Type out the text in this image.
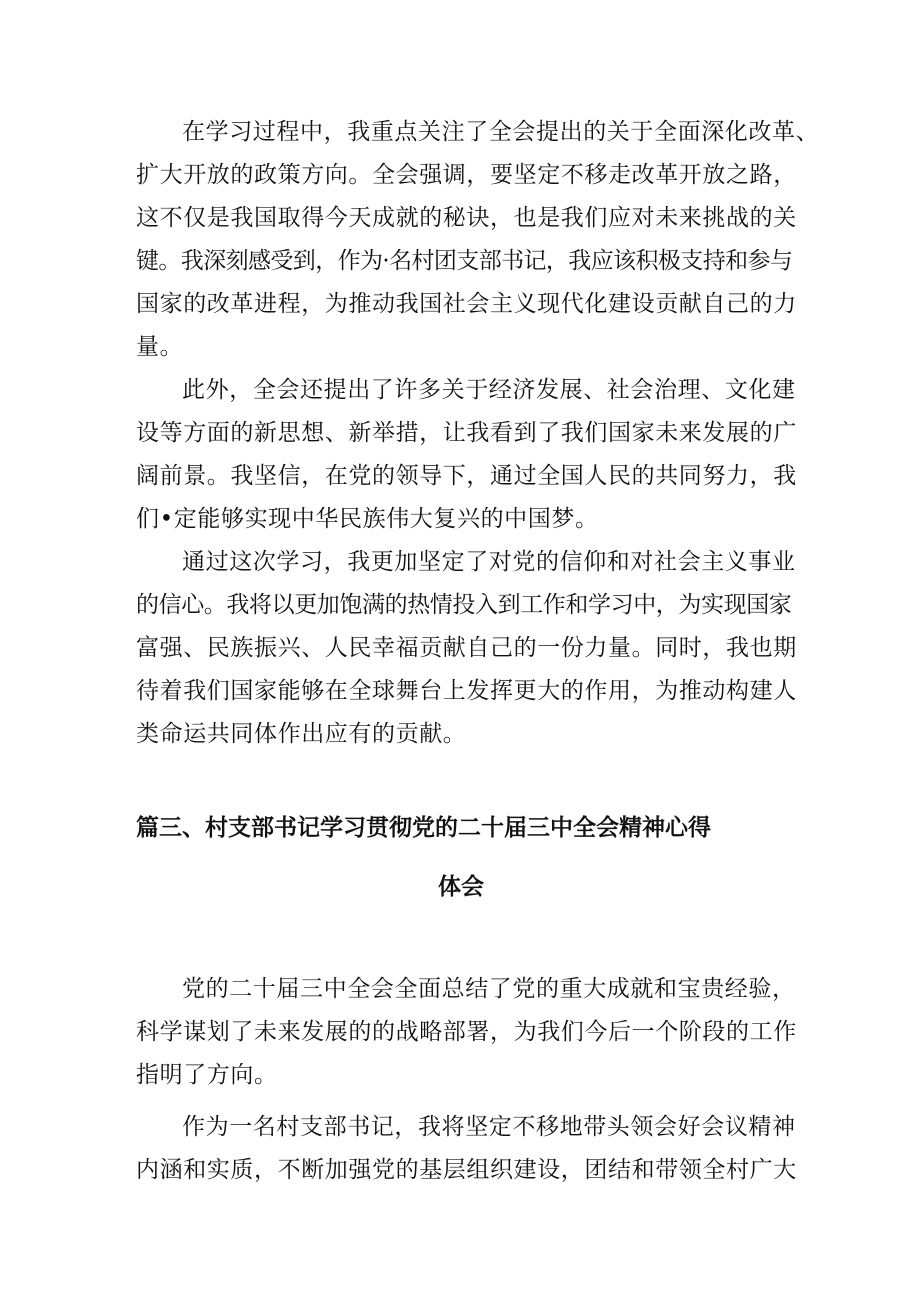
在学习过程中，我重点关注了全会提出的关于全面深化改革、
扩大开放的政策方向。全会强调，要坚定不移走改革开放之路，
这不仅是我国取得今天成就的秘诀，也是我们应对未来挑战的关
键。我深刻感受到，作为·名村团支部书记，我应该积极支持和参与
国家的改革进程，为推动我国社会主义现代化建设贡献自己的力
量。
此外，全会还提出了许多关于经济发展、社会治理、文化建
设等方面的新思想、新举措，让我看到了我们国家未来发展的广
阔前景。我坚信，在党的领导下，通过全国人民的共同努力，我
们•定能够实现中华民族伟大复兴的中国梦。
通过这次学习，我更加坚定了对党的信仰和对社会主义事业
的信心。我将以更加饱满的热情投入到工作和学习中，为实现国家
富强、民族振兴、人民幸福贡献自己的一份力量。同时，我也期
待着我们国家能够在全球舞台上发挥更大的作用，为推动构建人
类命运共同体作出应有的贡献。
篇三、村支部书记学习贯彻党的二十届三中全会精神心得
体会
党的二十届三中全会全面总结了党的重大成就和宝贵经验，
科学谋划了未来发展的的战略部署，为我们今后一个阶段的工作
指明了方向。
作为一名村支部书记，我将坚定不移地带头领会好会议精神
内涵和实质，不断加强党的基层组织建设，团结和带领全村广大
